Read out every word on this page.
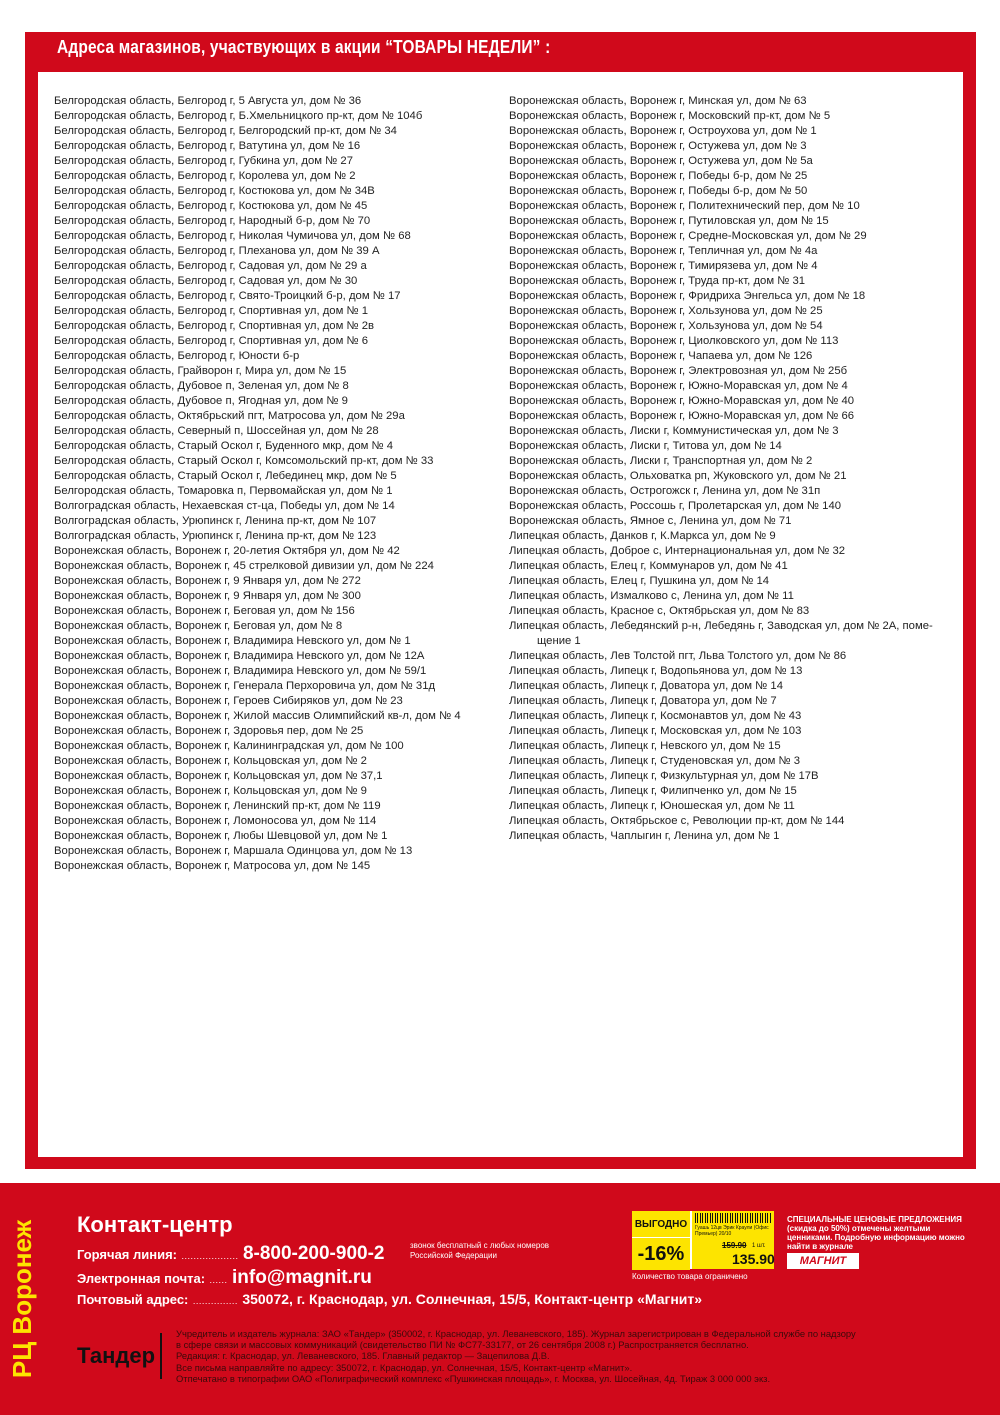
Адреса магазинов, участвующих в акции “ТОВАРЫ НЕДЕЛИ” :
Белгородская область, Белгород г, 5 Августа ул, дом № 36
Белгородская область, Белгород г, Б.Хмельницкого пр-кт, дом № 104б
Белгородская область, Белгород г, Белгородский пр-кт, дом № 34
Белгородская область, Белгород г, Ватутина ул, дом № 16
Белгородская область, Белгород г, Губкина ул, дом № 27
Белгородская область, Белгород г, Королева ул, дом № 2
Белгородская область, Белгород г, Костюкова ул, дом № 34В
Белгородская область, Белгород г, Костюкова ул, дом № 45
Белгородская область, Белгород г, Народный б-р, дом № 70
Белгородская область, Белгород г, Николая Чумичова ул, дом № 68
Белгородская область, Белгород г, Плеханова ул, дом № 39 А
Белгородская область, Белгород г, Садовая ул, дом № 29 а
Белгородская область, Белгород г, Садовая ул, дом № 30
Белгородская область, Белгород г, Свято-Троицкий б-р, дом № 17
Белгородская область, Белгород г, Спортивная ул, дом № 1
Белгородская область, Белгород г, Спортивная ул, дом № 2в
Белгородская область, Белгород г, Спортивная ул, дом № 6
Белгородская область, Белгород г, Юности б-р
Белгородская область, Грайворон г, Мира ул, дом № 15
Белгородская область, Дубовое п, Зеленая ул, дом № 8
Белгородская область, Дубовое п, Ягодная ул, дом № 9
Белгородская область, Октябрьский пгт, Матросова ул, дом № 29а
Белгородская область, Северный п, Шоссейная ул, дом № 28
Белгородская область, Старый Оскол г, Буденного мкр, дом № 4
Белгородская область, Старый Оскол г, Комсомольский пр-кт, дом № 33
Белгородская область, Старый Оскол г, Лебединец мкр, дом № 5
Белгородская область, Томаровка п, Первомайская ул, дом № 1
Волгоградская область, Нехаевская ст-ца, Победы ул, дом № 14
Волгоградская область, Урюпинск г, Ленина пр-кт, дом № 107
Волгоградская область, Урюпинск г, Ленина пр-кт, дом № 123
Воронежская область, Воронеж г, 20-летия Октября ул, дом № 42
Воронежская область, Воронеж г, 45 стрелковой дивизии ул, дом № 224
Воронежская область, Воронеж г, 9 Января ул, дом № 272
Воронежская область, Воронеж г, 9 Января ул, дом № 300
Воронежская область, Воронеж г, Беговая ул, дом № 156
Воронежская область, Воронеж г, Беговая ул, дом № 8
Воронежская область, Воронеж г, Владимира Невского ул, дом № 1
Воронежская область, Воронеж г, Владимира Невского ул, дом № 12А
Воронежская область, Воронеж г, Владимира Невского ул, дом № 59/1
Воронежская область, Воронеж г, Генерала Перхоровича ул, дом № 31д
Воронежская область, Воронеж г, Героев Сибиряков ул, дом № 23
Воронежская область, Воронеж г, Жилой массив Олимпийский кв-л, дом № 4
Воронежская область, Воронеж г, Здоровья пер, дом № 25
Воронежская область, Воронеж г, Калининградская ул, дом № 100
Воронежская область, Воронеж г, Кольцовская ул, дом № 2
Воронежская область, Воронеж г, Кольцовская ул, дом № 37,1
Воронежская область, Воронеж г, Кольцовская ул, дом № 9
Воронежская область, Воронеж г, Ленинский пр-кт, дом № 119
Воронежская область, Воронеж г, Ломоносова ул, дом № 114
Воронежская область, Воронеж г, Любы Шевцовой ул, дом № 1
Воронежская область, Воронеж г, Маршала Одинцова ул, дом № 13
Воронежская область, Воронеж г, Матросова ул, дом № 145
Воронежская область, Воронеж г, Минская ул, дом № 63
Воронежская область, Воронеж г, Московский пр-кт, дом № 5
Воронежская область, Воронеж г, Остроухова ул, дом № 1
Воронежская область, Воронеж г, Остужева ул, дом № 3
Воронежская область, Воронеж г, Остужева ул, дом № 5а
Воронежская область, Воронеж г, Победы б-р, дом № 25
Воронежская область, Воронеж г, Победы б-р, дом № 50
Воронежская область, Воронеж г, Политехнический пер, дом № 10
Воронежская область, Воронеж г, Путиловская ул, дом № 15
Воронежская область, Воронеж г, Средне-Московская ул, дом № 29
Воронежская область, Воронеж г, Тепличная ул, дом № 4а
Воронежская область, Воронеж г, Тимирязева ул, дом № 4
Воронежская область, Воронеж г, Труда пр-кт, дом № 31
Воронежская область, Воронеж г, Фридриха Энгельса ул, дом № 18
Воронежская область, Воронеж г, Хользунова ул, дом № 25
Воронежская область, Воронеж г, Хользунова ул, дом № 54
Воронежская область, Воронеж г, Циолковского ул, дом № 113
Воронежская область, Воронеж г, Чапаева ул, дом № 126
Воронежская область, Воронеж г, Электровозная ул, дом № 25б
Воронежская область, Воронеж г, Южно-Моравская ул, дом № 4
Воронежская область, Воронеж г, Южно-Моравская ул, дом № 40
Воронежская область, Воронеж г, Южно-Моравская ул, дом № 66
Воронежская область, Лиски г, Коммунистическая ул, дом № 3
Воронежская область, Лиски г, Титова ул, дом № 14
Воронежская область, Лиски г, Транспортная ул, дом № 2
Воронежская область, Ольховатка рп, Жуковского ул, дом № 21
Воронежская область, Острогожск г, Ленина ул, дом № 31п
Воронежская область, Россошь г, Пролетарская ул, дом № 140
Воронежская область, Ямное с, Ленина ул, дом № 71
Липецкая область, Данков г, К.Маркса ул, дом № 9
Липецкая область, Доброе с, Интернациональная ул, дом № 32
Липецкая область, Елец г, Коммунаров ул, дом № 41
Липецкая область, Елец г, Пушкина ул, дом № 14
Липецкая область, Измалково с, Ленина ул, дом № 11
Липецкая область, Красное с, Октябрьская ул, дом № 83
Липецкая область, Лебедянский р-н, Лебедянь г, Заводская ул, дом № 2А, поме-
щение 1
Липецкая область, Лев Толстой пгт, Льва Толстого ул, дом № 86
Липецкая область, Липецк г, Водопьянова ул, дом № 13
Липецкая область, Липецк г, Доватора ул, дом № 14
Липецкая область, Липецк г, Доватора ул, дом № 7
Липецкая область, Липецк г, Космонавтов ул, дом № 43
Липецкая область, Липецк г, Московская ул, дом № 103
Липецкая область, Липецк г, Невского ул, дом № 15
Липецкая область, Липецк г, Студеновская ул, дом № 3
Липецкая область, Липецк г, Физкультурная ул, дом № 17В
Липецкая область, Липецк г, Филипченко ул, дом № 15
Липецкая область, Липецк г, Юношеская ул, дом № 11
Липецкая область, Октябрьское с, Революции пр-кт, дом № 144
Липецкая область, Чаплыгин г, Ленина ул, дом № 1
РЦ Воронеж Контакт-центр
Горячая линия: ................... 8-800-200-900-2	звонок бесплатный с любых номеров Российской Федерации
Электронная почта: ...... info@magnit.ru
Почтовый адрес: ............... 350072, г. Краснодар, ул. Солнечная, 15/5, Контакт-центр «Магнит»
ВЫГОДНО
-16%
Гуашь 12цв Эрик Краули (Офис Премьер) 20/10
159.90 1 шт.
135.90
Количество товара ограничено
СПЕЦИАЛЬНЫЕ ЦЕНОВЫЕ ПРЕДЛОЖЕНИЯ (скидка до 50%) отмечены желтыми ценниками. Подробную информацию можно найти в журнале
МАГНИТ
Тандер
Учредитель и издатель журнала: ЗАО «Тандер» (350002, г. Краснодар, ул. Леваневского, 185). Журнал зарегистрирован в Федеральной службе по надзору
в сфере связи и массовых коммуникаций (свидетельство ПИ № ФС77-33177, от 26 сентября 2008 г.) Распространяется бесплатно.
Редакция: г. Краснодар, ул. Леваневского, 185. Главный редактор — Зацепилова Д.В.
Все письма направляйте по адресу: 350072, г. Краснодар, ул. Солнечная, 15/5, Контакт-центр «Магнит».
Отпечатано в типографии ОАО «Полиграфический комплекс «Пушкинская площадь», г. Москва, ул. Шосейная, 4д. Тираж 3 000 000 экз.
